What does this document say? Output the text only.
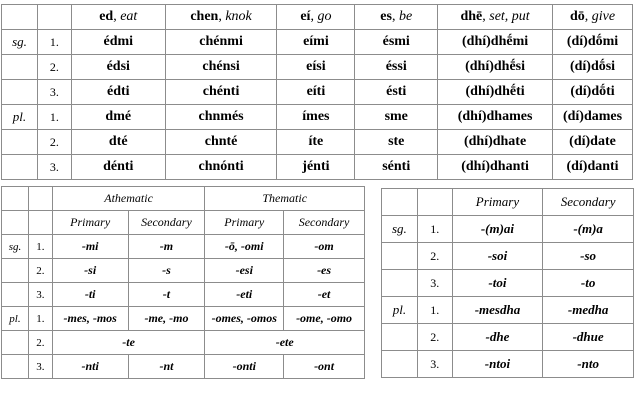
		ed, eat	chen, knok	eí, go	es, be	dhē, set, put	dō, give
sg.	1.	édmi	chénmi	eími	ésmi	(dhí)dhḗmi	(dí)dṓmi
	2.	édsi	chénsi	eísi	éssi	(dhí)dhḗsi	(dí)dṓsi
	3.	édti	chénti	eíti	ésti	(dhí)dhḗti	(dí)dṓti
pl.	1.	dmé	chnmés	ímes	sme	(dhí)dhames	(dí)dames
	2.	dté	chnté	íte	ste	(dhí)dhate	(dí)date
	3.	dénti	chnónti	jénti	sénti	(dhí)dhanti	(dí)danti
		Athematic		Thematic	
		Primary	Secondary	Primary	Secondary
sg.	1.	-mi	-m	-ō, -omi	-om
	2.	-si	-s	-esi	-es
	3.	-ti	-t	-eti	-et
pl.	1.	-mes, -mos	-me, -mo	-omes, -omos	-ome, -omo
	2.	-te		-ete	
	3.	-nti	-nt	-onti	-ont
		Primary	Secondary
sg.	1.	-(m)ai	-(m)a
	2.	-soi	-so
	3.	-toi	-to
pl.	1.	-mesdha	-medha
	2.	-dhe	-dhue
	3.	-ntoi	-nto
